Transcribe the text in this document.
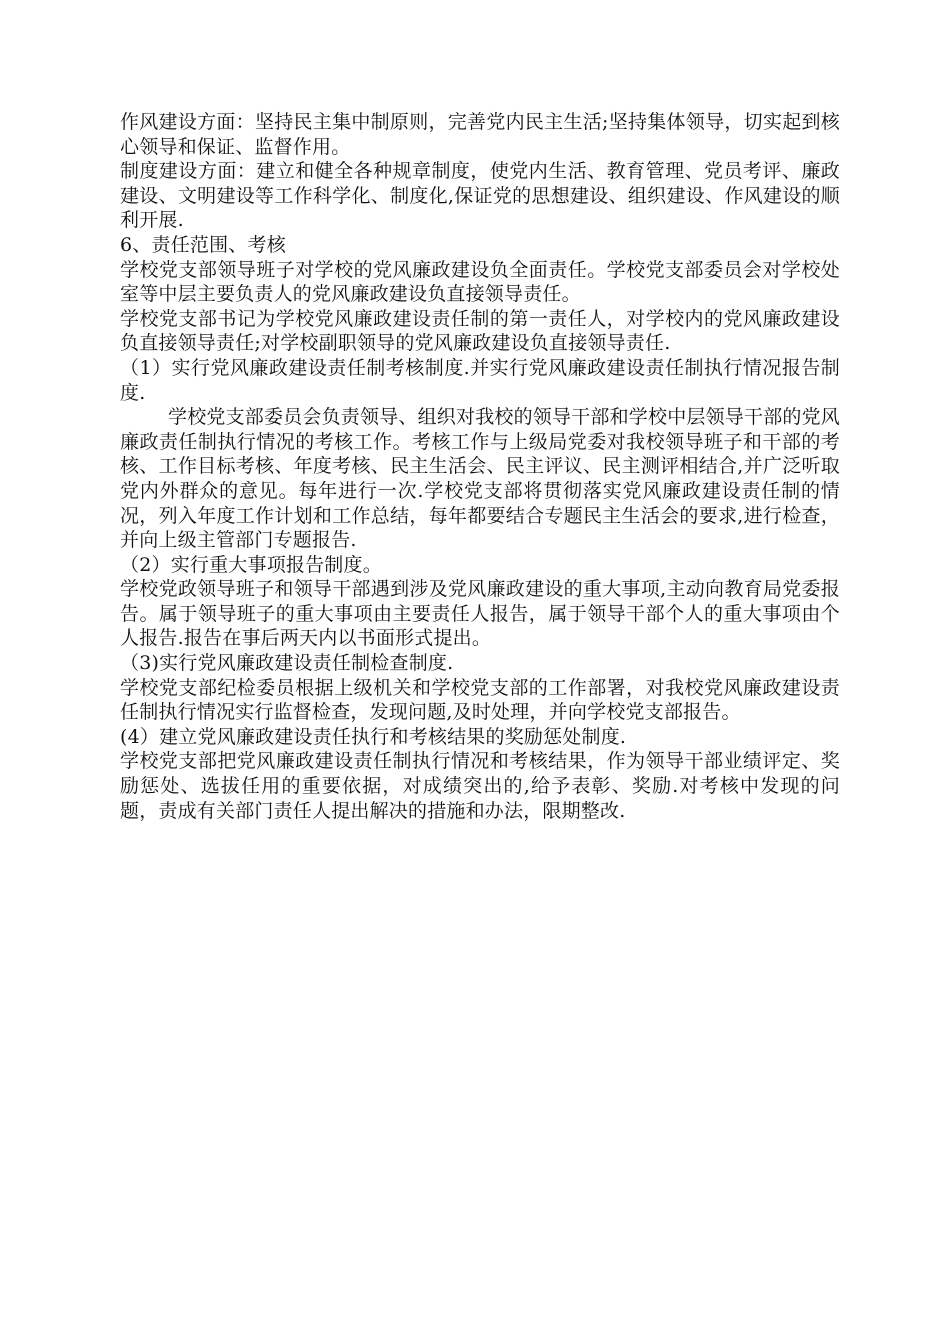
作风建设方面：坚持民主集中制原则，完善党内民主生活;坚持集体领导，切实起到核心领导和保证、监督作用。

制度建设方面：建立和健全各种规章制度，使党内生活、教育管理、党员考评、廉政建设、文明建设等工作科学化、制度化,保证党的思想建设、组织建设、作风建设的顺利开展.

6、责任范围、考核

学校党支部领导班子对学校的党风廉政建设负全面责任。学校党支部委员会对学校处室等中层主要负责人的党风廉政建设负直接领导责任。

学校党支部书记为学校党风廉政建设责任制的第一责任人，对学校内的党风廉政建设负直接领导责任;对学校副职领导的党风廉政建设负直接领导责任.

（1）实行党风廉政建设责任制考核制度.并实行党风廉政建设责任制执行情况报告制度.

学校党支部委员会负责领导、组织对我校的领导干部和学校中层领导干部的党风廉政责任制执行情况的考核工作。考核工作与上级局党委对我校领导班子和干部的考核、工作目标考核、年度考核、民主生活会、民主评议、民主测评相结合,并广泛听取党内外群众的意见。每年进行一次.学校党支部将贯彻落实党风廉政建设责任制的情况，列入年度工作计划和工作总结，每年都要结合专题民主生活会的要求,进行检查，并向上级主管部门专题报告.

（2）实行重大事项报告制度。

学校党政领导班子和领导干部遇到涉及党风廉政建设的重大事项,主动向教育局党委报告。属于领导班子的重大事项由主要责任人报告，属于领导干部个人的重大事项由个人报告.报告在事后两天内以书面形式提出。

（3)实行党风廉政建设责任制检查制度.

学校党支部纪检委员根据上级机关和学校党支部的工作部署，对我校党风廉政建设责任制执行情况实行监督检查，发现问题,及时处理，并向学校党支部报告。

(4）建立党风廉政建设责任执行和考核结果的奖励惩处制度.

学校党支部把党风廉政建设责任制执行情况和考核结果，作为领导干部业绩评定、奖励惩处、选拔任用的重要依据，对成绩突出的,给予表彰、奖励.对考核中发现的问题，责成有关部门责任人提出解决的措施和办法，限期整改.
